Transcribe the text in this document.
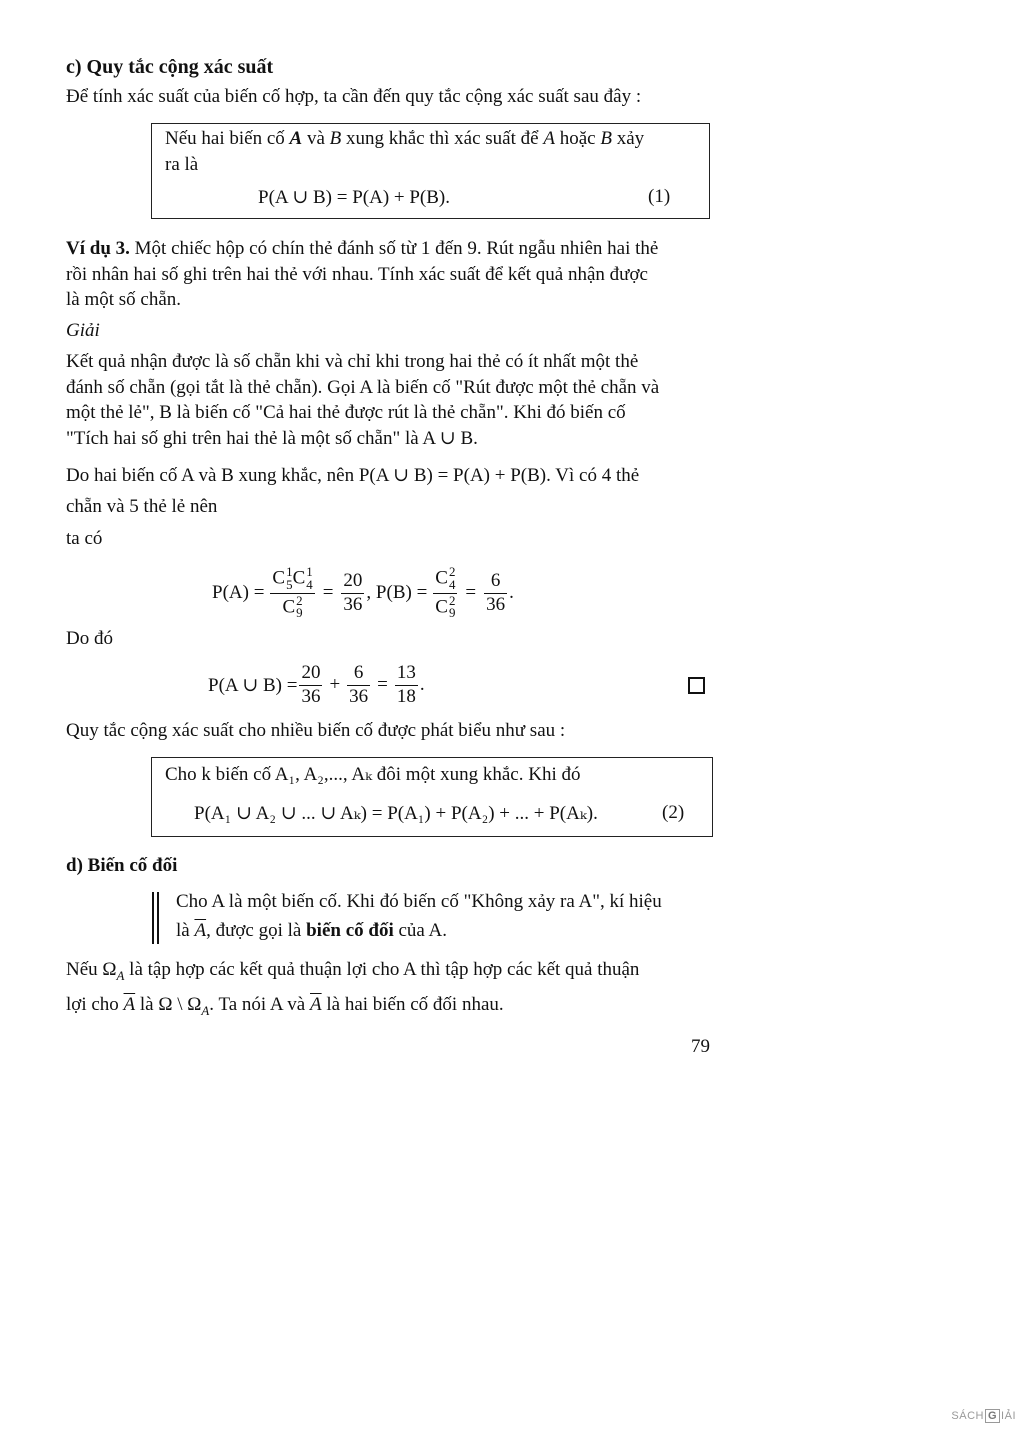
c) Quy tắc cộng xác suất
Để tính xác suất của biến cố hợp, ta cần đến quy tắc cộng xác suất sau đây :
Nếu hai biến cố A và B xung khắc thì xác suất để A hoặc B xảy
ra là
P(A ∪ B) = P(A) + P(B).	(1)
Ví dụ 3. Một chiếc hộp có chín thẻ đánh số từ 1 đến 9. Rút ngẫu nhiên hai thẻ
rồi nhân hai số ghi trên hai thẻ với nhau. Tính xác suất để kết quả nhận được
là một số chẵn.
Giải
Kết quả nhận được là số chẵn khi và chỉ khi trong hai thẻ có ít nhất một thẻ
đánh số chẵn (gọi tắt là thẻ chẵn). Gọi A là biến cố "Rút được một thẻ chẵn và
một thẻ lẻ", B là biến cố "Cả hai thẻ được rút là thẻ chẵn". Khi đó biến cố
"Tích hai số ghi trên hai thẻ là một số chẵn" là A ∪ B.
Do hai biến cố A và B xung khắc, nên P(A ∪ B) = P(A) + P(B). Vì có 4 thẻ
chẵn và 5 thẻ lẻ nên
ta có
P(A) = C 1
5 C 1
4
C 2
$9 = \frac{20}{36}$ , P(B) = C 2
4
C 2
$9 = \frac{6}{36}$ .
Do đó
P(A ∪ $B) = \frac{20}{36} + \frac{6}{36} = \frac{13}{18}$ .
Quy tắc cộng xác suất cho nhiều biến cố được phát biểu như sau :
Cho k biến cố A₁, A₂,..., Aₖ đôi một xung khắc. Khi đó
P(A₁ ∪ A₂ ∪ ... ∪ Aₖ) = P(A₁) + P(A₂) + ... + P(Aₖ).	(2)
d) Biến cố đối
Cho A là một biến cố. Khi đó biến cố "Không xảy ra A", kí hiệu
là $\overline{A}$, được gọi là biến cố đối của A.
Nếu $\Omega_A$ là tập hợp các kết quả thuận lợi cho A thì tập hợp các kết quả thuận
lợi cho $\overline{A}$ là Ω \ $\Omega_A$. Ta nói A và $\overline{A}$ là hai biến cố đối nhau.
79
SÁCH G IẢI
